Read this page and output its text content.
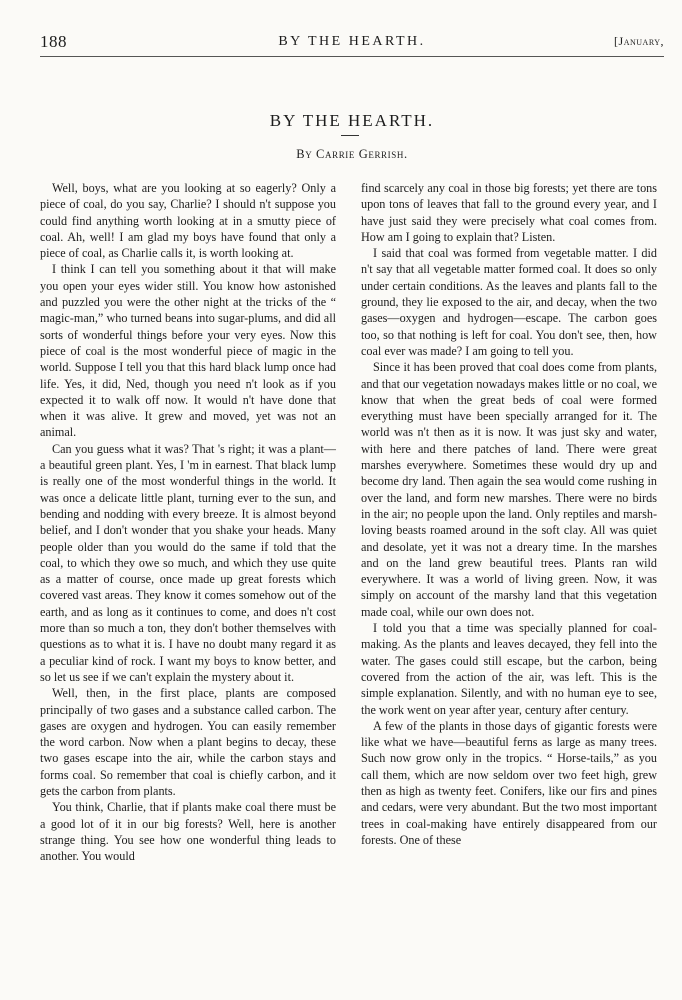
188	BY THE HEARTH.	[January,
BY THE HEARTH.
By Carrie Gerrish.

Well, boys, what are you looking at so eagerly? Only a piece of coal, do you say, Charlie? I should n't suppose you could find anything worth looking at in a smutty piece of coal. Ah, well! I am glad my boys have found that only a piece of coal, as Charlie calls it, is worth looking at.

I think I can tell you something about it that will make you open your eyes wider still. You know how astonished and puzzled you were the other night at the tricks of the “ magic-man,” who turned beans into sugar-plums, and did all sorts of wonderful things before your very eyes. Now this piece of coal is the most wonderful piece of magic in the world. Suppose I tell you that this hard black lump once had life. Yes, it did, Ned, though you need n't look as if you expected it to walk off now. It would n't have done that when it was alive. It grew and moved, yet was not an animal.

Can you guess what it was? That 's right; it was a plant—a beautiful green plant. Yes, I 'm in earnest. That black lump is really one of the most wonderful things in the world. It was once a delicate little plant, turning ever to the sun, and bending and nodding with every breeze. It is almost beyond belief, and I don't wonder that you shake your heads. Many people older than you would do the same if told that the coal, to which they owe so much, and which they use quite as a matter of course, once made up great forests which covered vast areas. They know it comes somehow out of the earth, and as long as it continues to come, and does n't cost more than so much a ton, they don't bother themselves with questions as to what it is. I have no doubt many regard it as a peculiar kind of rock. I want my boys to know better, and so let us see if we can't explain the mystery about it.

Well, then, in the first place, plants are composed principally of two gases and a substance called carbon. The gases are oxygen and hydrogen. You can easily remember the word carbon. Now when a plant begins to decay, these two gases escape into the air, while the carbon stays and forms coal. So remember that coal is chiefly carbon, and it gets the carbon from plants.

You think, Charlie, that if plants make coal there must be a good lot of it in our big forests? Well, here is another strange thing. You see how one wonderful thing leads to another. You would

find scarcely any coal in those big forests; yet there are tons upon tons of leaves that fall to the ground every year, and I have just said they were precisely what coal comes from. How am I going to explain that? Listen.

I said that coal was formed from vegetable matter. I did n't say that all vegetable matter formed coal. It does so only under certain conditions. As the leaves and plants fall to the ground, they lie exposed to the air, and decay, when the two gases—oxygen and hydrogen—escape. The carbon goes too, so that nothing is left for coal. You don't see, then, how coal ever was made? I am going to tell you.

Since it has been proved that coal does come from plants, and that our vegetation nowadays makes little or no coal, we know that when the great beds of coal were formed everything must have been specially arranged for it. The world was n't then as it is now. It was just sky and water, with here and there patches of land. There were great marshes everywhere. Sometimes these would dry up and become dry land. Then again the sea would come rushing in over the land, and form new marshes. There were no birds in the air; no people upon the land. Only reptiles and marsh-loving beasts roamed around in the soft clay. All was quiet and desolate, yet it was not a dreary time. In the marshes and on the land grew beautiful trees. Plants ran wild everywhere. It was a world of living green. Now, it was simply on account of the marshy land that this vegetation made coal, while our own does not.

I told you that a time was specially planned for coal-making. As the plants and leaves decayed, they fell into the water. The gases could still escape, but the carbon, being covered from the action of the air, was left. This is the simple explanation. Silently, and with no human eye to see, the work went on year after year, century after century.

A few of the plants in those days of gigantic forests were like what we have—beautiful ferns as large as many trees. Such now grow only in the tropics. “ Horse-tails,” as you call them, which are now seldom over two feet high, grew then as high as twenty feet. Conifers, like our firs and pines and cedars, were very abundant. But the two most important trees in coal-making have entirely disappeared from our forests. One of these
